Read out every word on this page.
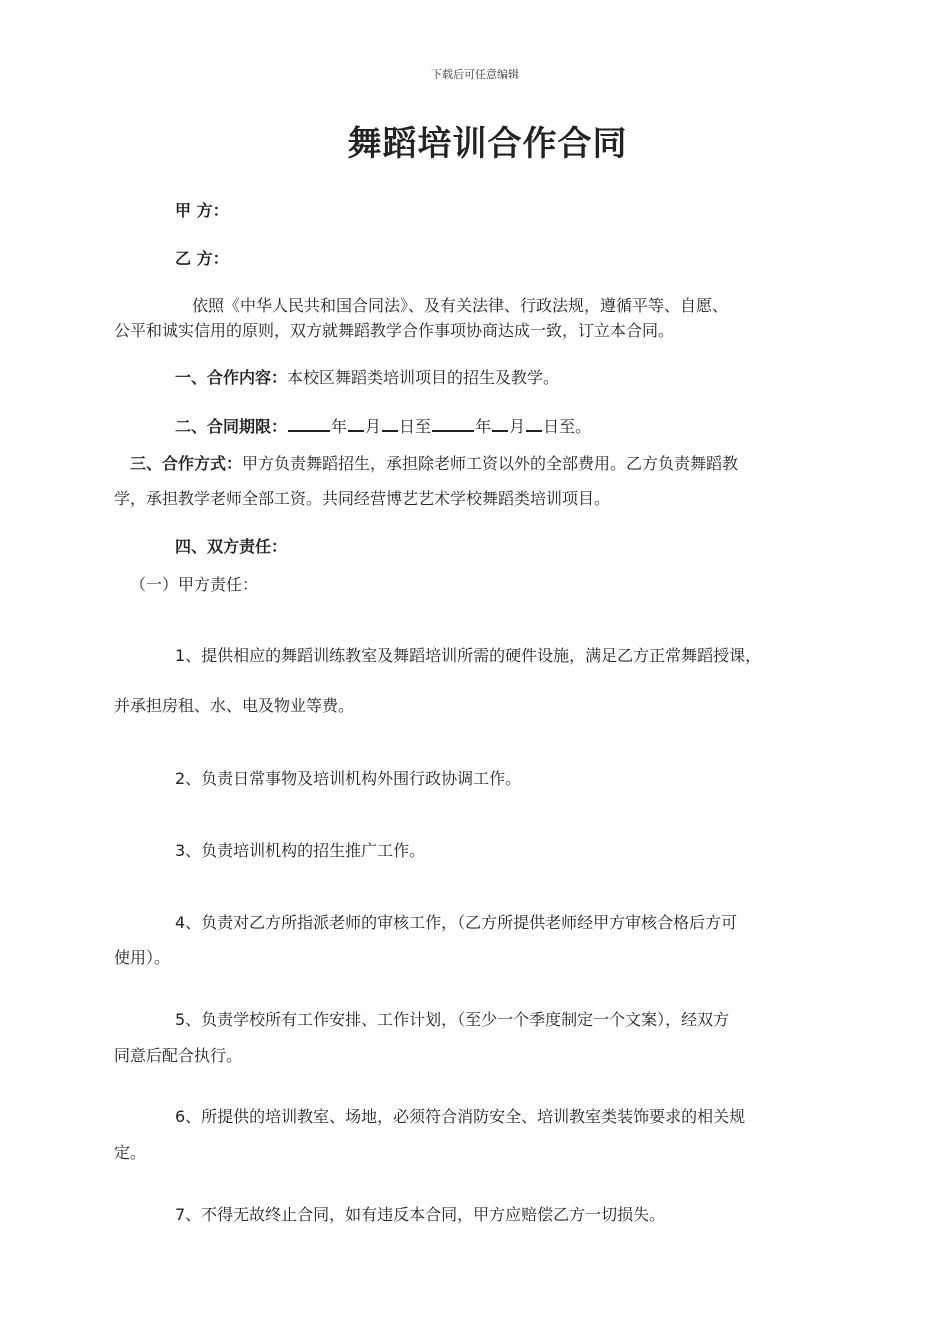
下载后可任意编辑
舞蹈培训合作合同
甲 方：
乙 方：
依照《中华人民共和国合同法》、及有关法律、行政法规，遵循平等、自愿、
公平和诚实信用的原则，双方就舞蹈教学合作事项协商达成一致，订立本合同。
一、合作内容：本校区舞蹈类培训项目的招生及教学。
二、合同期限：	年 月 日至	年 月 日至。
三、合作方式：甲方负责舞蹈招生，承担除老师工资以外的全部费用。乙方负责舞蹈教
学，承担教学老师全部工资。共同经营博艺艺术学校舞蹈类培训项目。
四、双方责任：
（一）甲方责任：
1、提供相应的舞蹈训练教室及舞蹈培训所需的硬件设施，满足乙方正常舞蹈授课，
并承担房租、水、电及物业等费。
2、负责日常事物及培训机构外围行政协调工作。
3、负责培训机构的招生推广工作。
4、负责对乙方所指派老师的审核工作，（乙方所提供老师经甲方审核合格后方可
使用）。
5、负责学校所有工作安排、工作计划，（至少一个季度制定一个文案），经双方
同意后配合执行。
6、所提供的培训教室、场地，必须符合消防安全、培训教室类装饰要求的相关规
定。
7、不得无故终止合同，如有违反本合同，甲方应赔偿乙方一切损失。
